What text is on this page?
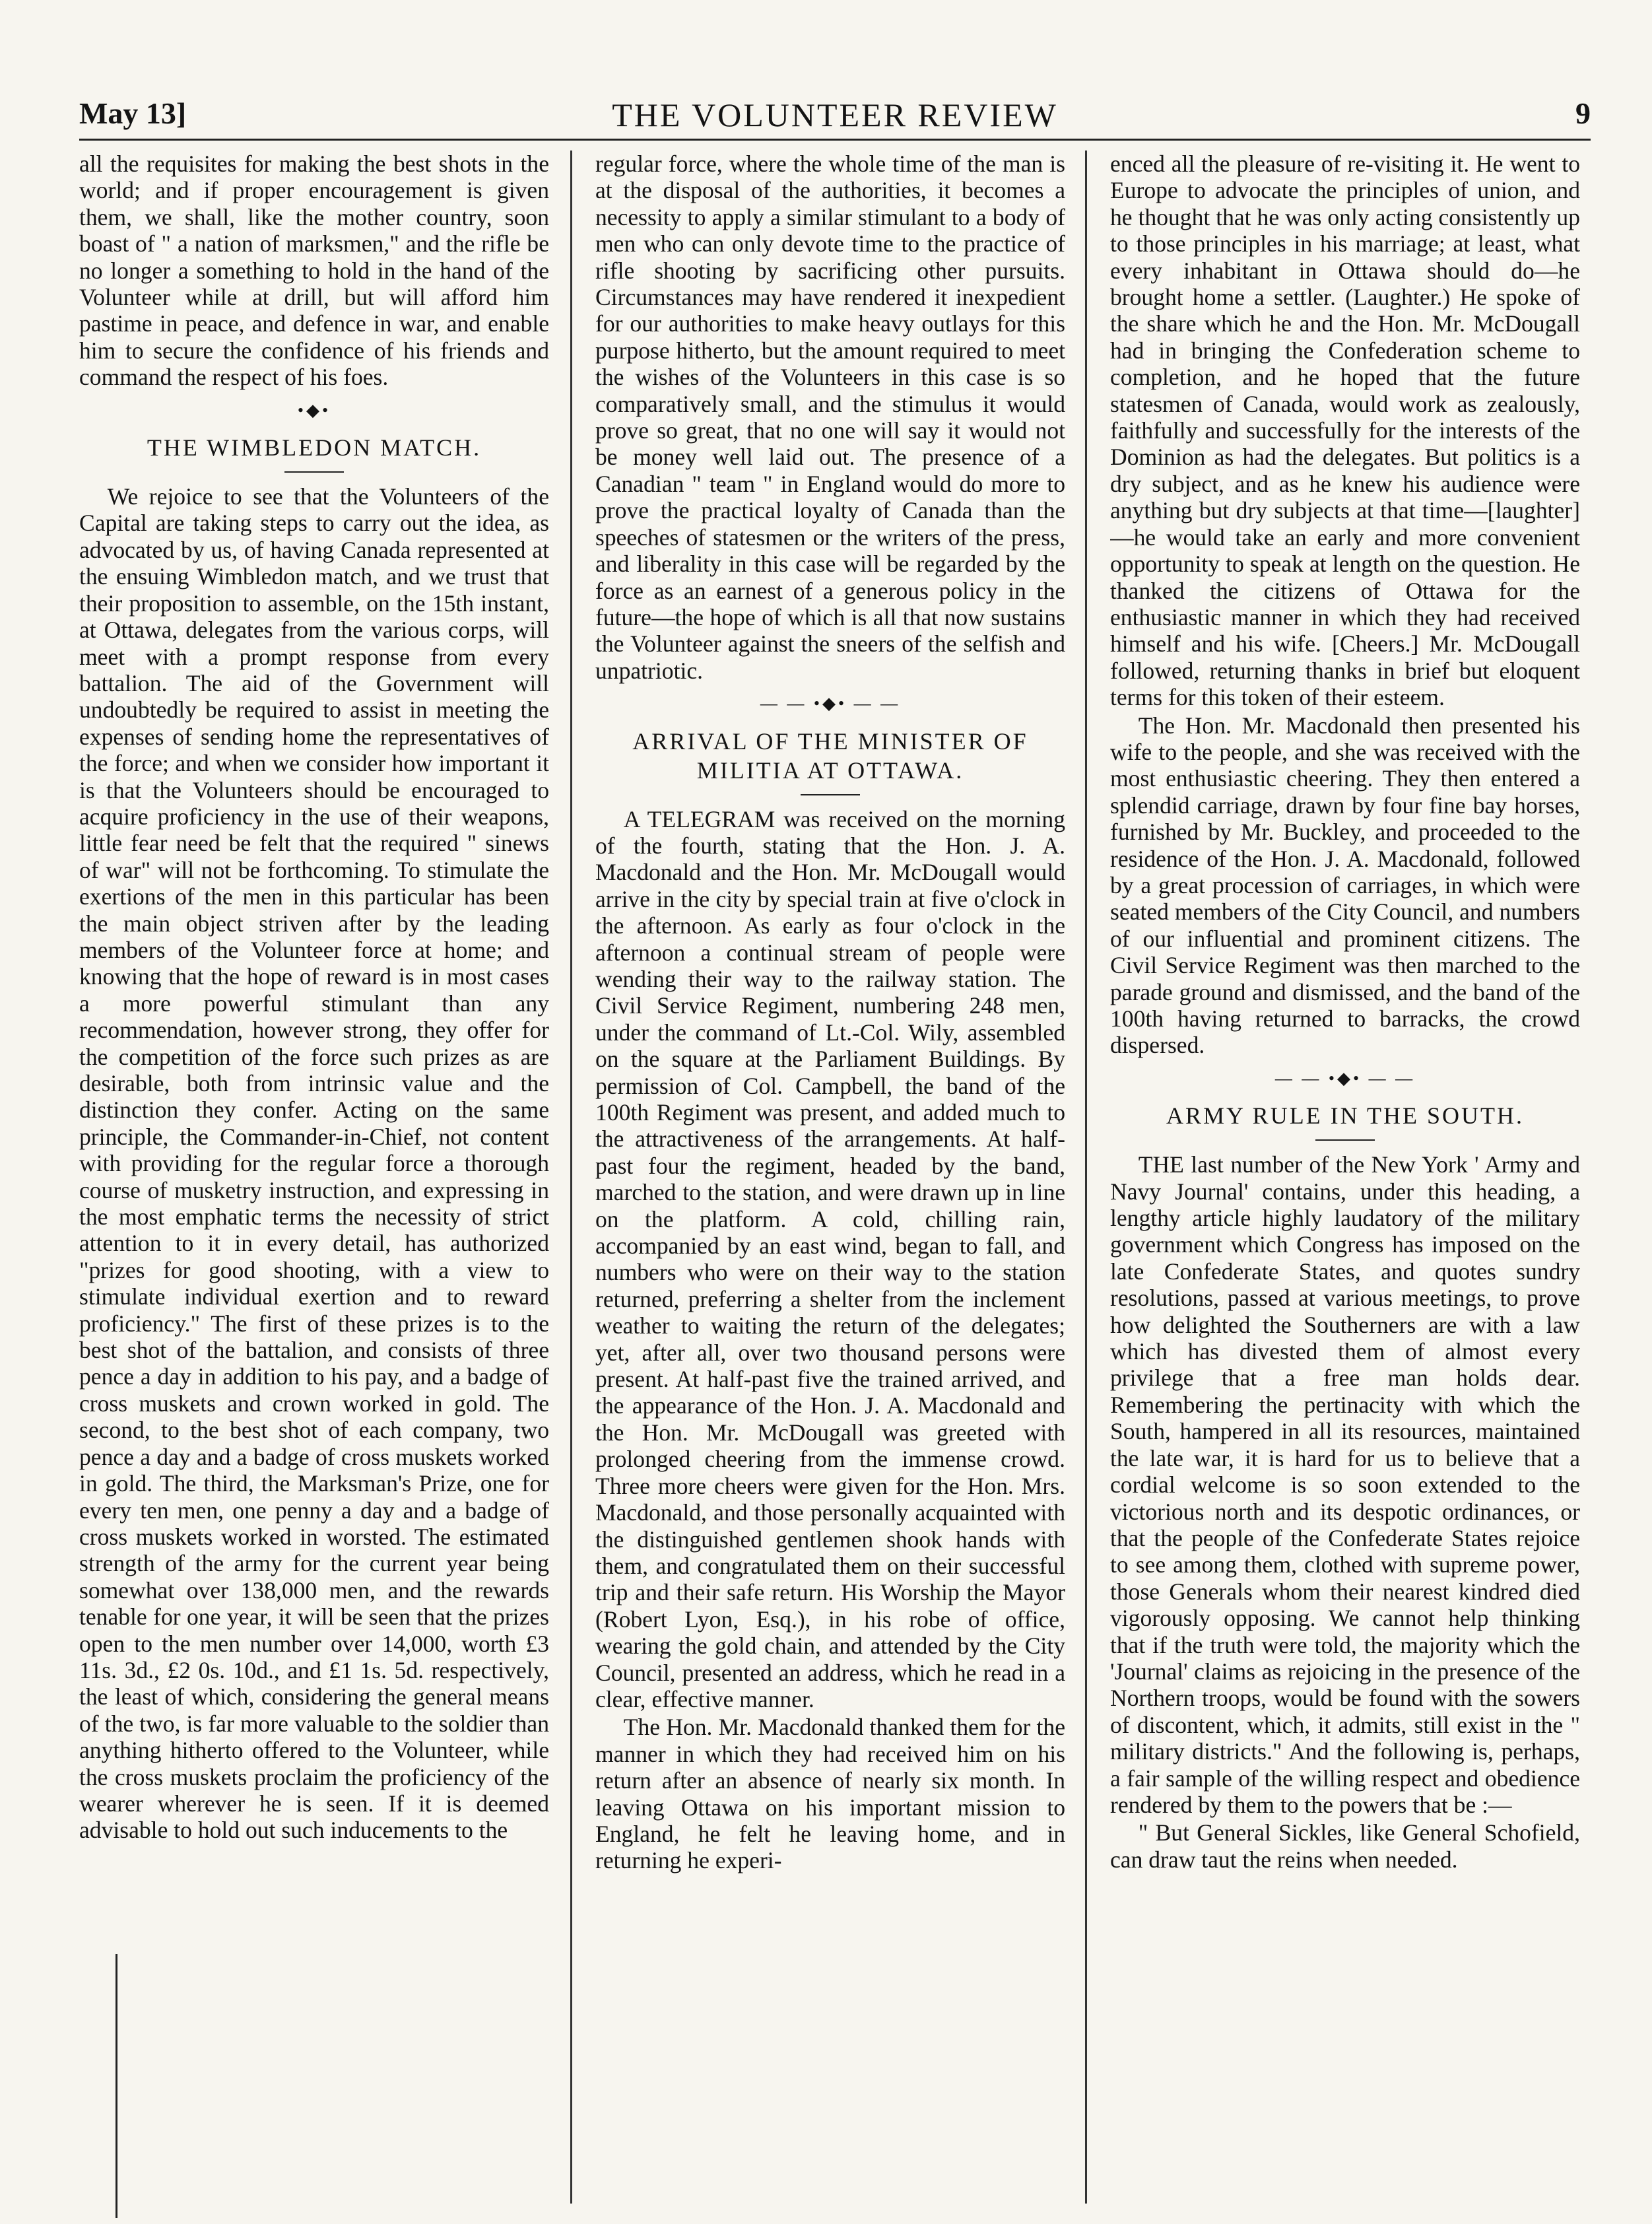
May 13]	THE VOLUNTEER REVIEW	9

all the requisites for making the best shots in the world; and if proper encouragement is given them, we shall, like the mother country, soon boast of " a nation of marksmen," and the rifle be no longer a something to hold in the hand of the Volunteer while at drill, but will afford him pastime in peace, and defence in war, and enable him to secure the confidence of his friends and command the respect of his foes.

•◆•
THE WIMBLEDON MATCH.

We rejoice to see that the Volunteers of the Capital are taking steps to carry out the idea, as advocated by us, of having Canada represented at the ensuing Wimbledon match, and we trust that their proposition to assemble, on the 15th instant, at Ottawa, delegates from the various corps, will meet with a prompt response from every battalion. The aid of the Government will undoubtedly be required to assist in meeting the expenses of sending home the representatives of the force; and when we consider how important it is that the Volunteers should be encouraged to acquire proficiency in the use of their weapons, little fear need be felt that the required " sinews of war" will not be forthcoming. To stimulate the exertions of the men in this particular has been the main object striven after by the leading members of the Volunteer force at home; and knowing that the hope of reward is in most cases a more powerful stimulant than any recommendation, however strong, they offer for the competition of the force such prizes as are desirable, both from intrinsic value and the distinction they confer. Acting on the same principle, the Commander-in-Chief, not content with providing for the regular force a thorough course of musketry instruction, and expressing in the most emphatic terms the necessity of strict attention to it in every detail, has authorized "prizes for good shooting, with a view to stimulate individual exertion and to reward proficiency." The first of these prizes is to the best shot of the battalion, and consists of three pence a day in addition to his pay, and a badge of cross muskets and crown worked in gold. The second, to the best shot of each company, two pence a day and a badge of cross muskets worked in gold. The third, the Marksman's Prize, one for every ten men, one penny a day and a badge of cross muskets worked in worsted. The estimated strength of the army for the current year being somewhat over 138,000 men, and the rewards tenable for one year, it will be seen that the prizes open to the men number over 14,000, worth £3 11s. 3d., £2 0s. 10d., and £1 1s. 5d. respectively, the least of which, considering the general means of the two, is far more valuable to the soldier than anything hitherto offered to the Volunteer, while the cross muskets proclaim the proficiency of the wearer wherever he is seen. If it is deemed advisable to hold out such inducements to the

regular force, where the whole time of the man is at the disposal of the authorities, it becomes a necessity to apply a similar stimulant to a body of men who can only devote time to the practice of rifle shooting by sacrificing other pursuits. Circumstances may have rendered it inexpedient for our authorities to make heavy outlays for this purpose hitherto, but the amount required to meet the wishes of the Volunteers in this case is so comparatively small, and the stimulus it would prove so great, that no one will say it would not be money well laid out. The presence of a Canadian " team " in England would do more to prove the practical loyalty of Canada than the speeches of statesmen or the writers of the press, and liberality in this case will be regarded by the force as an earnest of a generous policy in the future—the hope of which is all that now sustains the Volunteer against the sneers of the selfish and unpatriotic.

— — •◆• — —
ARRIVAL OF THE MINISTER OF MILITIA AT OTTAWA.

A TELEGRAM was received on the morning of the fourth, stating that the Hon. J. A. Macdonald and the Hon. Mr. McDougall would arrive in the city by special train at five o'clock in the afternoon. As early as four o'clock in the afternoon a continual stream of people were wending their way to the railway station. The Civil Service Regiment, numbering 248 men, under the command of Lt.-Col. Wily, assembled on the square at the Parliament Buildings. By permission of Col. Campbell, the band of the 100th Regiment was present, and added much to the attractiveness of the arrangements. At half-past four the regiment, headed by the band, marched to the station, and were drawn up in line on the platform. A cold, chilling rain, accompanied by an east wind, began to fall, and numbers who were on their way to the station returned, preferring a shelter from the inclement weather to waiting the return of the delegates; yet, after all, over two thousand persons were present. At half-past five the trained arrived, and the appearance of the Hon. J. A. Macdonald and the Hon. Mr. McDougall was greeted with prolonged cheering from the immense crowd. Three more cheers were given for the Hon. Mrs. Macdonald, and those personally acquainted with the distinguished gentlemen shook hands with them, and congratulated them on their successful trip and their safe return. His Worship the Mayor (Robert Lyon, Esq.), in his robe of office, wearing the gold chain, and attended by the City Council, presented an address, which he read in a clear, effective manner.

The Hon. Mr. Macdonald thanked them for the manner in which they had received him on his return after an absence of nearly six month. In leaving Ottawa on his important mission to England, he felt he leaving home, and in returning he experi-

enced all the pleasure of re-visiting it. He went to Europe to advocate the principles of union, and he thought that he was only acting consistently up to those principles in his marriage; at least, what every inhabitant in Ottawa should do—he brought home a settler. (Laughter.) He spoke of the share which he and the Hon. Mr. McDougall had in bringing the Confederation scheme to completion, and he hoped that the future statesmen of Canada, would work as zealously, faithfully and successfully for the interests of the Dominion as had the delegates. But politics is a dry subject, and as he knew his audience were anything but dry subjects at that time—[laughter]—he would take an early and more convenient opportunity to speak at length on the question. He thanked the citizens of Ottawa for the enthusiastic manner in which they had received himself and his wife. [Cheers.] Mr. McDougall followed, returning thanks in brief but eloquent terms for this token of their esteem.

The Hon. Mr. Macdonald then presented his wife to the people, and she was received with the most enthusiastic cheering. They then entered a splendid carriage, drawn by four fine bay horses, furnished by Mr. Buckley, and proceeded to the residence of the Hon. J. A. Macdonald, followed by a great procession of carriages, in which were seated members of the City Council, and numbers of our influential and prominent citizens. The Civil Service Regiment was then marched to the parade ground and dismissed, and the band of the 100th having returned to barracks, the crowd dispersed.

— — •◆• — —
ARMY RULE IN THE SOUTH.

THE last number of the New York ' Army and Navy Journal' contains, under this heading, a lengthy article highly laudatory of the military government which Congress has imposed on the late Confederate States, and quotes sundry resolutions, passed at various meetings, to prove how delighted the Southerners are with a law which has divested them of almost every privilege that a free man holds dear. Remembering the pertinacity with which the South, hampered in all its resources, maintained the late war, it is hard for us to believe that a cordial welcome is so soon extended to the victorious north and its despotic ordinances, or that the people of the Confederate States rejoice to see among them, clothed with supreme power, those Generals whom their nearest kindred died vigorously opposing. We cannot help thinking that if the truth were told, the majority which the 'Journal' claims as rejoicing in the presence of the Northern troops, would be found with the sowers of discontent, which, it admits, still exist in the " military districts." And the following is, perhaps, a fair sample of the willing respect and obedience rendered by them to the powers that be :—

" But General Sickles, like General Schofield, can draw taut the reins when needed.
